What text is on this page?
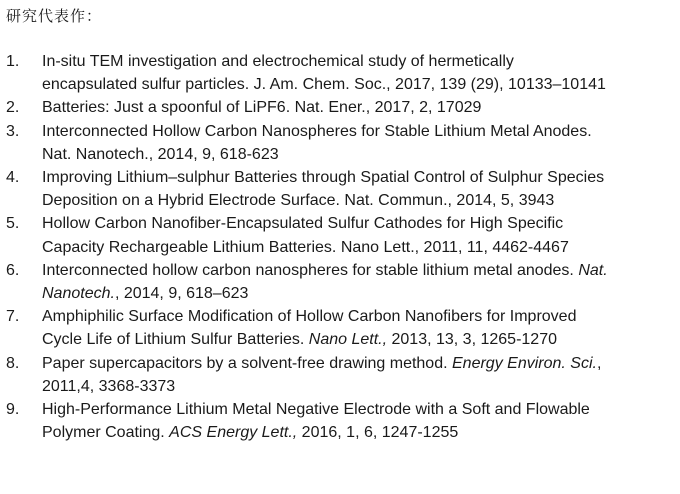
研究代表作：
1. In-situ TEM investigation and electrochemical study of hermetically
encapsulated sulfur particles. J. Am. Chem. Soc., 2017, 139 (29), 10133–10141
2. Batteries: Just a spoonful of LiPF6. Nat. Ener., 2017, 2, 17029
3. Interconnected Hollow Carbon Nanospheres for Stable Lithium Metal Anodes.
Nat. Nanotech., 2014, 9, 618-623
4. Improving Lithium–sulphur Batteries through Spatial Control of Sulphur Species
Deposition on a Hybrid Electrode Surface. Nat. Commun., 2014, 5, 3943
5. Hollow Carbon Nanofiber-Encapsulated Sulfur Cathodes for High Specific
Capacity Rechargeable Lithium Batteries. Nano Lett., 2011, 11, 4462-4467
6. Interconnected hollow carbon nanospheres for stable lithium metal anodes. Nat.
Nanotech., 2014, 9, 618–623
7. Amphiphilic Surface Modification of Hollow Carbon Nanofibers for Improved
Cycle Life of Lithium Sulfur Batteries. Nano Lett., 2013, 13, 3, 1265-1270
8. Paper supercapacitors by a solvent-free drawing method. Energy Environ. Sci.,
2011,4, 3368-3373
9. High-Performance Lithium Metal Negative Electrode with a Soft and Flowable
Polymer Coating. ACS Energy Lett., 2016, 1, 6, 1247-1255
